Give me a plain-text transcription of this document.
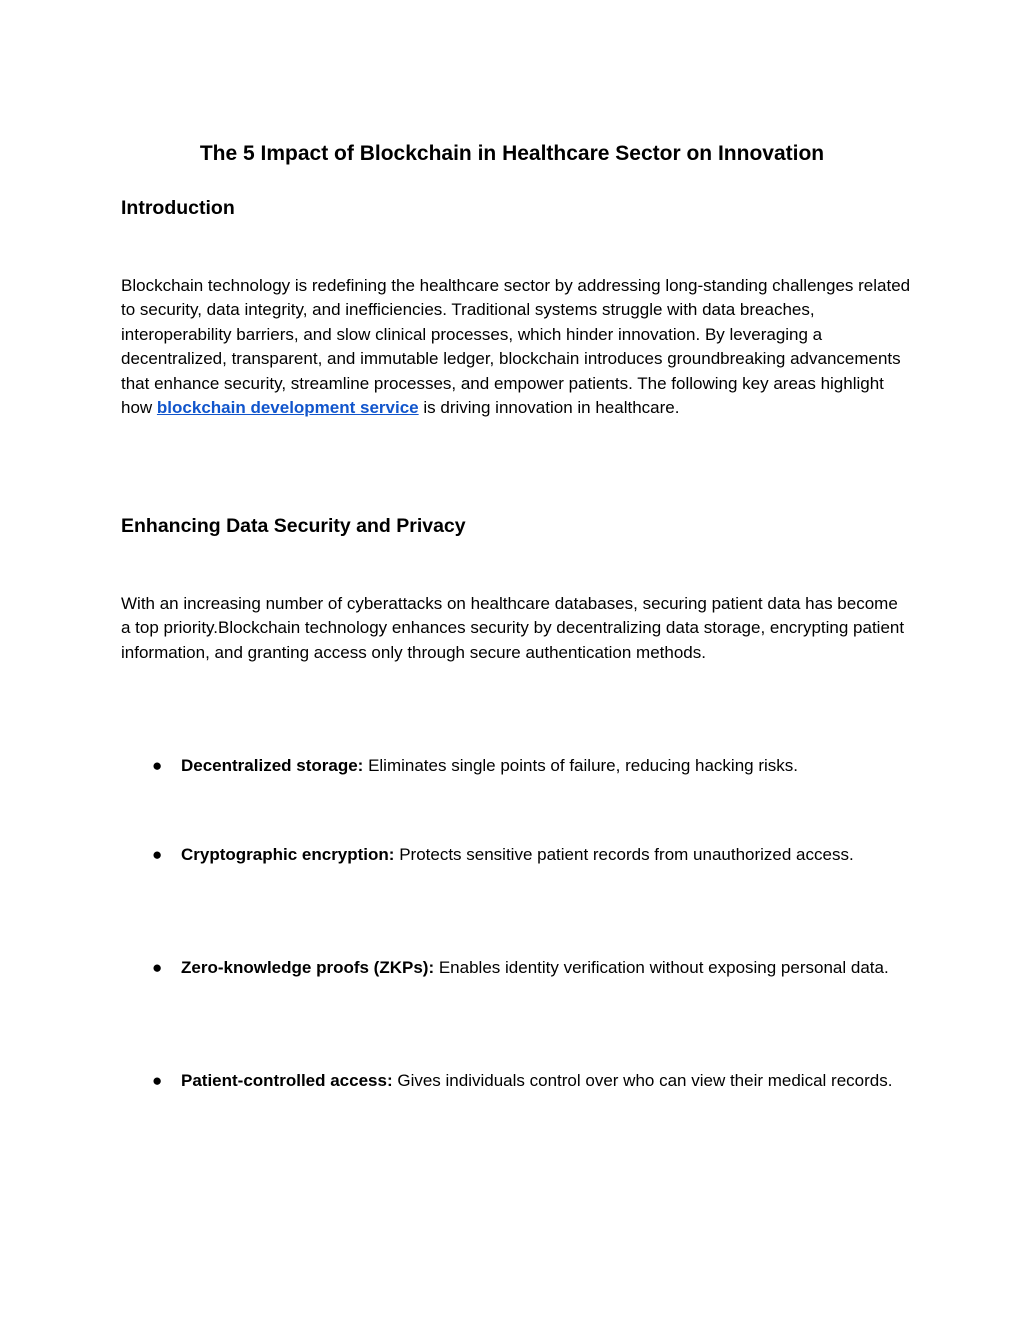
The 5 Impact of Blockchain in Healthcare Sector on Innovation
Introduction

Blockchain technology is redefining the healthcare sector by addressing long-standing challenges related to security, data integrity, and inefficiencies. Traditional systems struggle with data breaches, interoperability barriers, and slow clinical processes, which hinder innovation. By leveraging a decentralized, transparent, and immutable ledger, blockchain introduces groundbreaking advancements that enhance security, streamline processes, and empower patients. The following key areas highlight how blockchain development service is driving innovation in healthcare.

Enhancing Data Security and Privacy

With an increasing number of cyberattacks on healthcare databases, securing patient data has become a top priority.Blockchain technology enhances security by decentralizing data storage, encrypting patient information, and granting access only through secure authentication methods.

●	Decentralized storage: Eliminates single points of failure, reducing hacking risks.
●	Cryptographic encryption: Protects sensitive patient records from unauthorized access.
●	Zero-knowledge proofs (ZKPs): Enables identity verification without exposing personal data.
●	Patient-controlled access: Gives individuals control over who can view their medical records.
